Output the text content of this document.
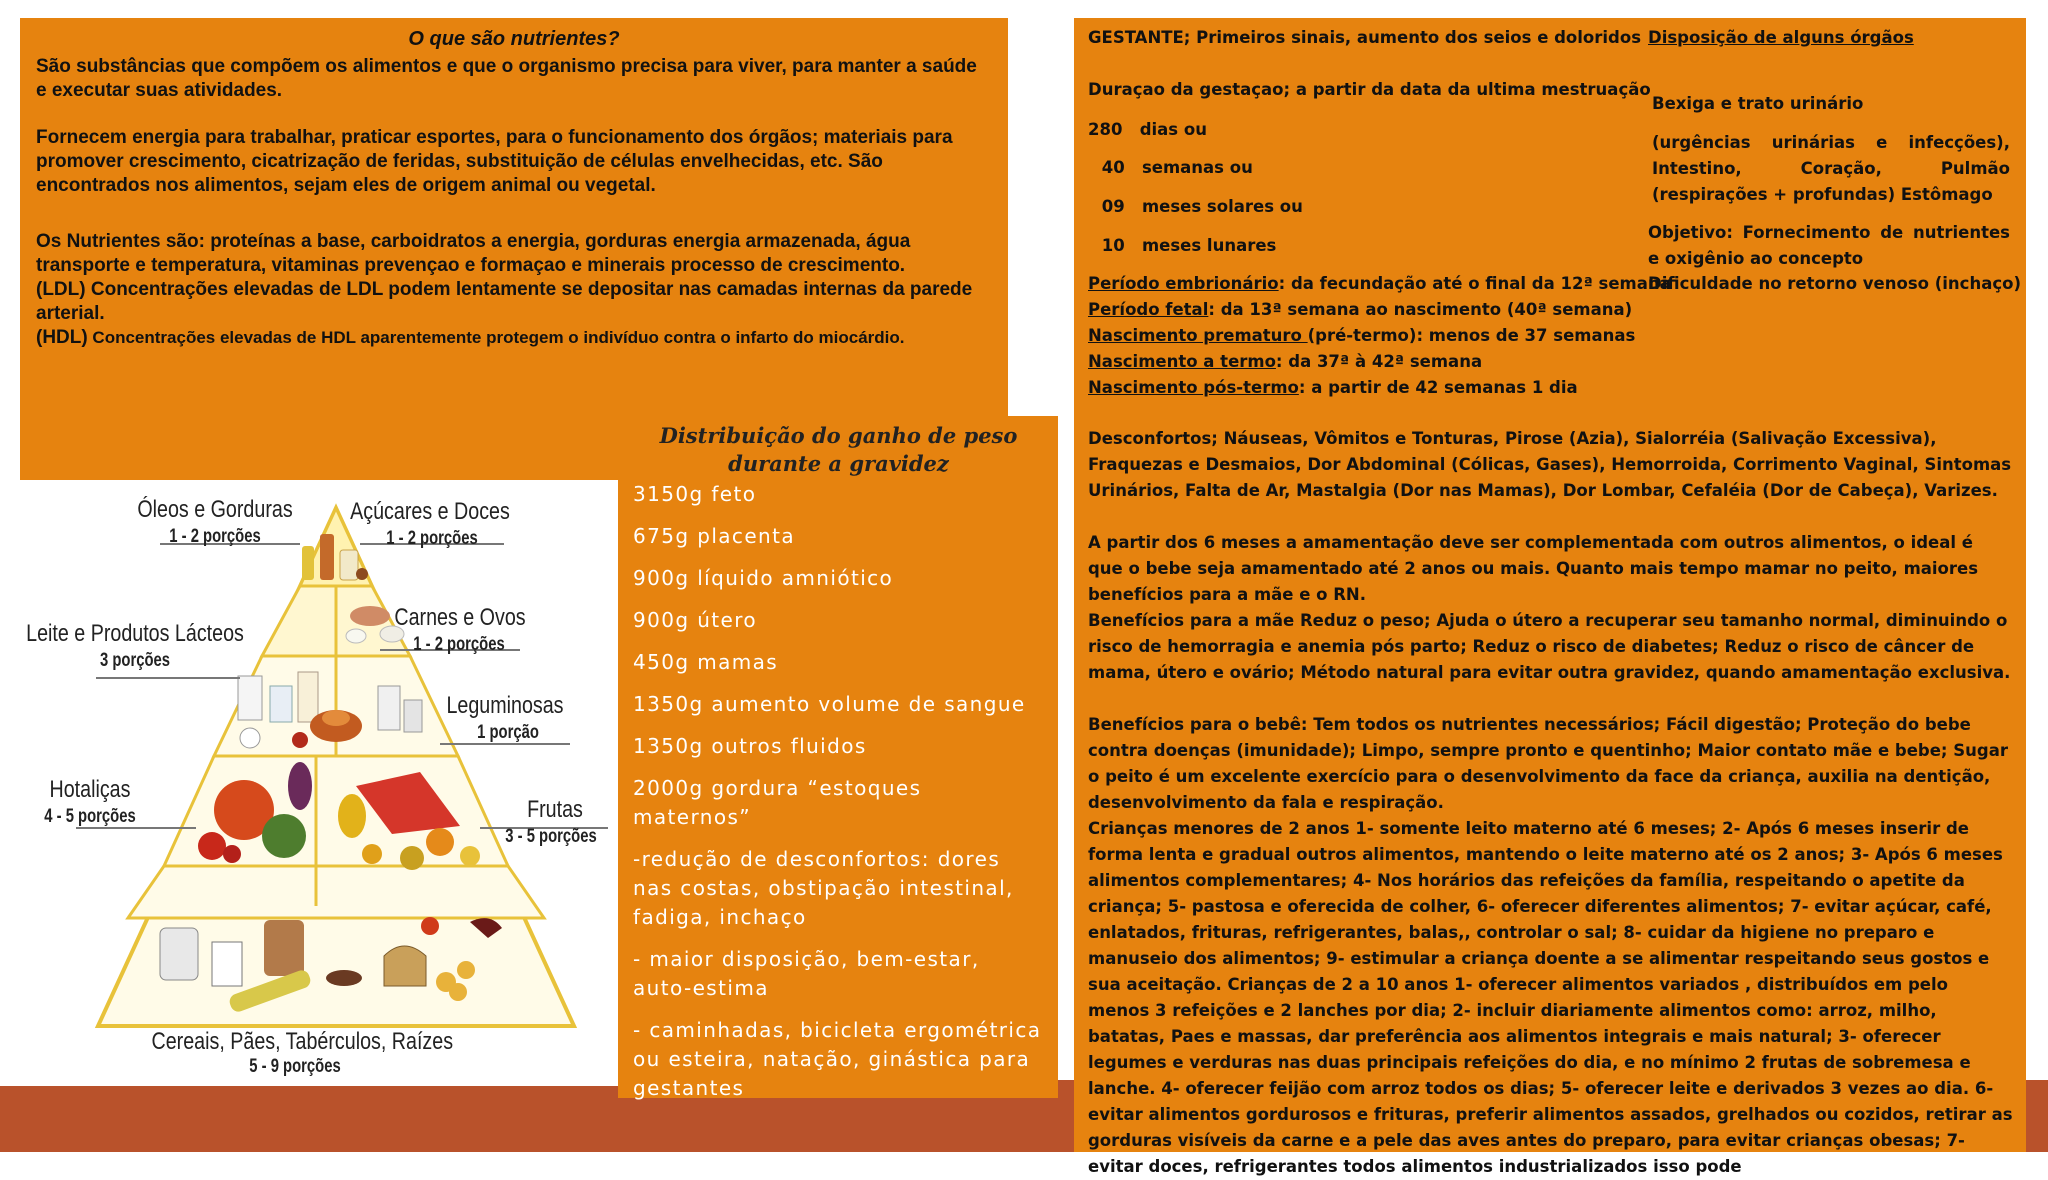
O que são nutrientes?

São substâncias que compõem os alimentos e que o organismo precisa para viver, para manter a saúde e executar suas atividades.

Fornecem energia para trabalhar, praticar esportes, para o funcionamento dos órgãos; materiais para promover crescimento, cicatrização de feridas, substituição de células envelhecidas, etc. São encontrados nos alimentos, sejam eles de origem animal ou vegetal.

Os Nutrientes são: proteínas a base, carboidratos a energia, gorduras energia armazenada, água transporte e temperatura, vitaminas prevençao e formaçao e minerais processo de crescimento.

(LDL) Concentrações elevadas de LDL podem lentamente se depositar nas camadas internas da parede arterial.

(HDL) Concentrações elevadas de HDL aparentemente protegem o indivíduo contra o infarto do miocárdio.

Óleos e Gorduras
1 - 2 porções
Açúcares e Doces
1 - 2 porções
Leite e Produtos Lácteos
3 porções
Carnes e Ovos
1 - 2 porções
Leguminosas
1 porção
Hotaliças
4 - 5 porções	Frutas
3 - 5 porções
Cereais, Pães, Tabérculos, Raízes
5 - 9 porções
Distribuição do ganho de peso durante a gravidez
3150g feto
675g placenta
900g líquido amniótico
900g útero
450g mamas
1350g aumento volume de sangue
1350g outros fluidos
2000g gordura “estoques maternos”
-redução de desconfortos: dores nas costas, obstipação intestinal, fadiga, inchaço
- maior disposição, bem-estar, auto-estima
- caminhadas, bicicleta ergométrica ou esteira, natação, ginástica para gestantes
GESTANTE; Primeiros sinais, aumento dos seios e doloridos
Duraçao da gestaçao; a partir da data da ultima mestruação
280 dias ou
40 semanas ou
09 meses solares ou
10 meses lunares
Período embrionário: da fecundação até o final da 12ª semana
Período fetal: da 13ª semana ao nascimento (40ª semana)
Nascimento prematuro (pré-termo): menos de 37 semanas
Nascimento a termo: da 37ª à 42ª semana
Nascimento pós-termo: a partir de 42 semanas 1 dia
Disposição de alguns órgãos
Bexiga e trato urinário

(urgências urinárias e infecções), Intestino, Coração, Pulmão (respirações + profundas) Estômago

Objetivo: Fornecimento de nutrientes e oxigênio ao concepto

Dificuldade no retorno venoso (inchaço)

Desconfortos; Náuseas, Vômitos e Tonturas, Pirose (Azia), Sialorréia (Salivação Excessiva), Fraquezas e Desmaios, Dor Abdominal (Cólicas, Gases), Hemorroida, Corrimento Vaginal, Sintomas Urinários, Falta de Ar, Mastalgia (Dor nas Mamas), Dor Lombar, Cefaléia (Dor de Cabeça), Varizes.

A partir dos 6 meses a amamentação deve ser complementada com outros alimentos, o ideal é que o bebe seja amamentado até 2 anos ou mais. Quanto mais tempo mamar no peito, maiores benefícios para a mãe e o RN.

Benefícios para a mãe Reduz o peso; Ajuda o útero a recuperar seu tamanho normal, diminuindo o risco de hemorragia e anemia pós parto; Reduz o risco de diabetes; Reduz o risco de câncer de mama, útero e ovário; Método natural para evitar outra gravidez, quando amamentação exclusiva.

Benefícios para o bebê: Tem todos os nutrientes necessários; Fácil digestão; Proteção do bebe contra doenças (imunidade); Limpo, sempre pronto e quentinho; Maior contato mãe e bebe; Sugar o peito é um excelente exercício para o desenvolvimento da face da criança, auxilia na dentição, desenvolvimento da fala e respiração.

Crianças menores de 2 anos 1- somente leito materno até 6 meses; 2- Após 6 meses inserir de forma lenta e gradual outros alimentos, mantendo o leite materno até os 2 anos; 3- Após 6 meses alimentos complementares; 4- Nos horários das refeições da família, respeitando o apetite da criança; 5- pastosa e oferecida de colher, 6- oferecer diferentes alimentos; 7- evitar açúcar, café, enlatados, frituras, refrigerantes, balas,, controlar o sal; 8- cuidar da higiene no preparo e manuseio dos alimentos; 9- estimular a criança doente a se alimentar respeitando seus gostos e sua aceitação. Crianças de 2 a 10 anos 1- oferecer alimentos variados , distribuídos em pelo menos 3 refeições e 2 lanches por dia; 2- incluir diariamente alimentos como: arroz, milho, batatas, Paes e massas, dar preferência aos alimentos integrais e mais natural; 3- oferecer legumes e verduras nas duas principais refeições do dia, e no mínimo 2 frutas de sobremesa e lanche. 4- oferecer feijão com arroz todos os dias; 5- oferecer leite e derivados 3 vezes ao dia. 6- evitar alimentos gordurosos e frituras, preferir alimentos assados, grelhados ou cozidos, retirar as gorduras visíveis da carne e a pele das aves antes do preparo, para evitar crianças obesas; 7- evitar doces, refrigerantes todos alimentos industrializados isso pode
